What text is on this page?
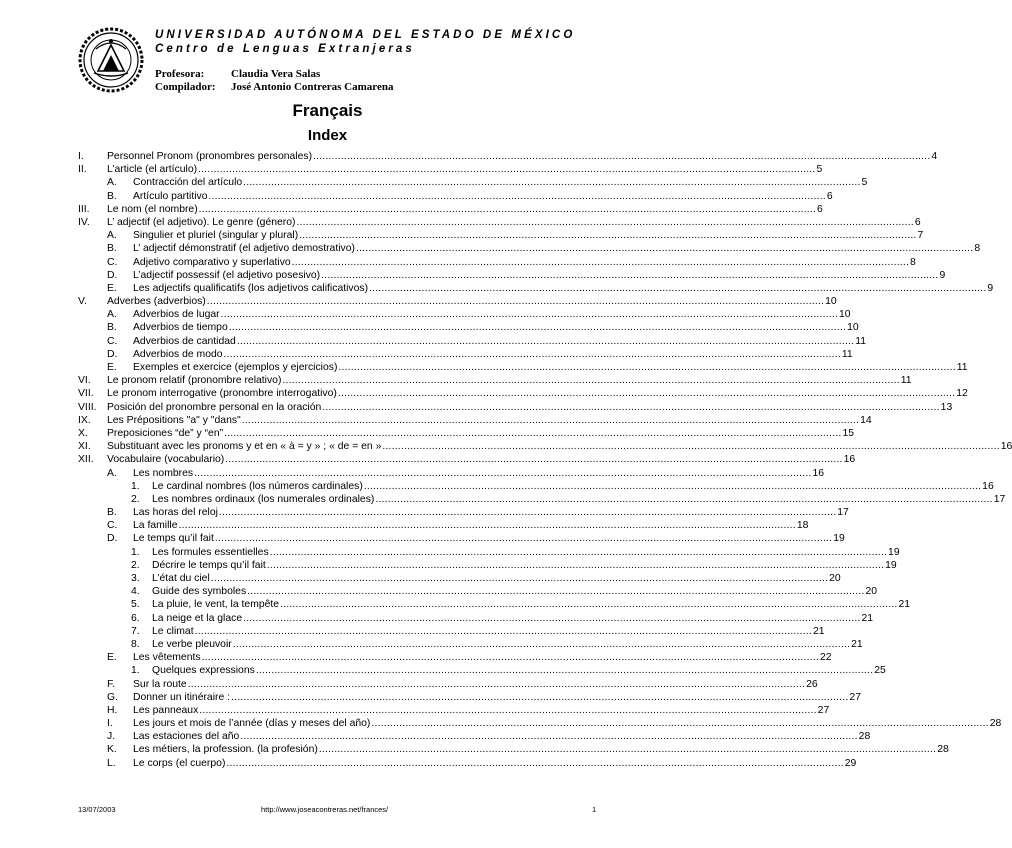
UNIVERSIDAD AUTÓNOMA DEL ESTADO DE MÉXICO
Centro de Lenguas Extranjeras
Profesora: Claudia Vera Salas
Compilador: José Antonio Contreras Camarena
Français
Index
I. Personnel Pronom (pronombres personales) ........................................................................................................................................................................................................ 4
II. L’article (el artículo) ........................................................................................................................................................................................................ 5
A. Contracción del artículo ........................................................................................................................................................................................................ 5
B. Artículo partitivo ........................................................................................................................................................................................................ 6
III. Le nom (el nombre) ........................................................................................................................................................................................................ 6
IV. L’ adjectif (el adjetivo). Le genre (género) ........................................................................................................................................................................................................ 6
A. Singulier et pluriel (singular y plural) ........................................................................................................................................................................................................ 7
B. L’ adjectif démonstratif (el adjetivo demostrativo) ........................................................................................................................................................................................................ 8
C. Adjetivo comparativo y superlativo ........................................................................................................................................................................................................ 8
D. L’adjectif possessif (el adjetivo posesivo) ........................................................................................................................................................................................................ 9
E. Les adjectifs qualificatifs (los adjetivos calificativos) ........................................................................................................................................................................................................ 9
V. Adverbes (adverbios) ........................................................................................................................................................................................................ 10
A. Adverbios de lugar ........................................................................................................................................................................................................ 10
B. Adverbios de tiempo ........................................................................................................................................................................................................ 10
C. Adverbios de cantidad ........................................................................................................................................................................................................ 11
D. Adverbios de modo ........................................................................................................................................................................................................ 11
E. Exemples et exercice (ejemplos y ejercicios) ........................................................................................................................................................................................................ 11
VI. Le pronom relatif (pronombre relativo) ........................................................................................................................................................................................................ 11
VII. Le pronom interrogative (pronombre interrogativo) ........................................................................................................................................................................................................ 12
VIII. Posición del pronombre personal en la oración ........................................................................................................................................................................................................ 13
IX. Les Prépositions "a" y "dans" ........................................................................................................................................................................................................ 14
X. Preposiciones “de” y “en” ........................................................................................................................................................................................................ 15
XI. Substituant avec les pronoms y et en « à = y » ; « de = en » ........................................................................................................................................................................................................ 16
XII. Vocabulaire (vocabulario) ........................................................................................................................................................................................................ 16
A. Les nombres ........................................................................................................................................................................................................ 16
1. Le cardinal nombres (los números cardinales) ........................................................................................................................................................................................................ 16
2. Les nombres ordinaux (los numerales ordinales) ........................................................................................................................................................................................................ 17
B. Las horas del reloj ........................................................................................................................................................................................................ 17
C. La famille ........................................................................................................................................................................................................ 18
D. Le temps qu’il fait ........................................................................................................................................................................................................ 19
1. Les formules essentielles ........................................................................................................................................................................................................ 19
2. Décrire le temps qu’il fait ........................................................................................................................................................................................................ 19
3. L’état du ciel ........................................................................................................................................................................................................ 20
4. Guide des symboles ........................................................................................................................................................................................................ 20
5. La pluie, le vent, la tempête ........................................................................................................................................................................................................ 21
6. La neige et la glace ........................................................................................................................................................................................................ 21
7. Le climat ........................................................................................................................................................................................................ 21
8. Le verbe pleuvoir ........................................................................................................................................................................................................ 21
E. Les vêtements ........................................................................................................................................................................................................ 22
1. Quelques expressions ........................................................................................................................................................................................................ 25
F. Sur la route ........................................................................................................................................................................................................ 26
G. Donner un itinéraire : ........................................................................................................................................................................................................ 27
H. Les panneaux ........................................................................................................................................................................................................ 27
I. Les jours et mois de l’année (días y meses del año) ........................................................................................................................................................................................................ 28
J. Las estaciones del año ........................................................................................................................................................................................................ 28
K. Les métiers, la profession. (la profesión) ........................................................................................................................................................................................................ 28
L. Le corps (el cuerpo) ........................................................................................................................................................................................................ 29
13/07/2003	http://www.joseacontreras.net/frances/	1
